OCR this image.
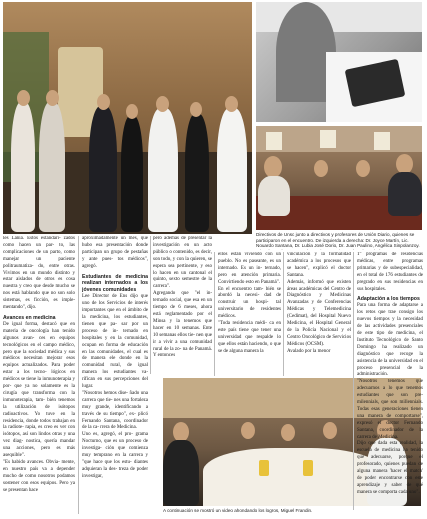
Directivos de Unsc junto a directivos y profesores de Unión Diario, quienes se participaron en el encuentro. De izquierda a derecha: Dr. Joyce Martín, Lic. Nouardo Santana, Dr. Lubia José Dorio, Dr. Juan Paulino, Angélica Sinpolanzoy.
A continuación se mostró un video ahondando los logros, Miguel Frandin.

les Lanía. Estos estandari- zados como hacen un par- to, las complicaciones de un parto, como manejar un paciente politraumatiza- do, entre otras. Vivimos en un mundo distinto y estar aislados de otros es cosa nuestra y creo que desde mucho se nos está hablando que no son solo sistemas, es ficción, es imple- mentando", dijo.

Avances en medicina

De igual forma, destacó que en materia de oncología han tenido algunos avan- ces en equipos tecnológicos en el campo médico, pero que la sociedad médica y sus médicos necesitan mejorar esos equipos actualizados. Para poder estar a los tecno- lógicos en médicos se tiene la inmunoterapia y por- que ya no solamente es la cirugía que transforma con la inmunoterapia, tam- bién tenemos la utilización de isótopos radioactivos. Yo tuve en la residencia, donde todos trabajan en la radiote- rapia, es creo es ver con isótopos, así son lindos otras y una vez diag- nostica, quería mandar una acciones, pero es más asequible".

"Es habido avances. Obvia- mente, en nuestro país va a depender mucho de como nosotros podamos sostener con esos equipos. Pero ya se presentan hace

aproximadamente un mes, que hubo esa presentación donde participan un grupo de pestañas y ante pues- tos médicos", agregó.

Estudiantes de medicina realizan internados a los jóvenes comunidades

Lee Director de Ens dijo que uno de los Servicios de interés importantes que en el ámbito de la medicina, los estudiantes, tienen que pa- sar por un proceso de in- ternado en hospitales y en la comunidad, ocupan en forma de educación en las comunidades, el cual es de manera ele donde en la comunidad rural, de igual manera los estudiantes va- rifican en sus percepciones del lugar.

"Nosotros hemos dise- ñado una carrera que tie- nes una fortaleza muy grande, identificando a través de su tiempo", ex- plicó Fernando Santana, coordinador de la ca- rrera de Medicina.

Uno es, agregó, el pro- grama Nocturno, que es un proceso de investiga- ción que comienza muy temprano en la carrera y "que hace que los estu- diantes adquieran la des- treza de poder investigar,

pero además de presentar la investigación en un acto público o contenido, es decir, son todo, y con la quieren, se espera sea pertinente, y eso lo hacen en un cantonal el quinto, sexto semestre de la carrera".

Agregando que "el in- ternado social, que esa en un tiempo de 6 meses, ahora está reglamentado por el Minsa y la tenemos que hacer en 10 semanas. Ente 10 semanas ellos tie- nen que ir a vivir a una comunidad rural de la zo- na de Panamá. Y entonces

ellos están viviendo con un pueblo. No es paseante, es un internado. Es un in- ternado, pero en atención primaria. Convirtiendo esto en Panamá".

En el encuentro tam- bién se abordó la necesi- dad de construir un hospi- tal universitario de residentes médicos.

"Toda residencia médi- ca en este país tiene que tener una universidad que respalde lo que ellos están haciendo, o que se de alguna manera la

vinculación y la formalidad académica a los procesos que se hacen", explicó el doctor Santana.

Además, informó que existen áreas académicas del Centro de Diagnóstico y Medicinas Avanzadas y de Conferencias Médicas y Telemedicina (Cedimat), del Hospital Nuevo Medicina, el Hospital General de la Policía Nacional y el Centro Oncológico de Servicios Médicos (OCSM).

Avalado por la menor

1° programas de residencias médicas, entre programas primarias y de subespecialidad, en el total de 176 estudiantes de pregrado en sus residencias en sus hospitales.

Adaptación a los tiempos

Para una forma de adaptarse a los retos que trae consigo los nuevos tiempos y la necesidad de las actividades presenciales de este tipo de medicina, el Instituto Tecnológico de Santo Domingo ha realizado un diagnóstico que recoge la asistencia de la universidad en el proceso presencial de la administración.

"Nosotros tenemos que adecuarnos a lo que tenemos estudiantes que son pre-milennials, que son millennials. Todas esas generaciones tienen una manera de comportarse", expresó el doctor Fernando Santana, coordinador de la carrera de Medicina.

Dijo que dada esta realidad, la escuela de medicina ha tenido que adecuarse, porque el profesorado, quienes puedan de alguna manera 'hacer el match' de poder encontrarse con este aprendizaje y saber de qué manera se comporta cada uno".
